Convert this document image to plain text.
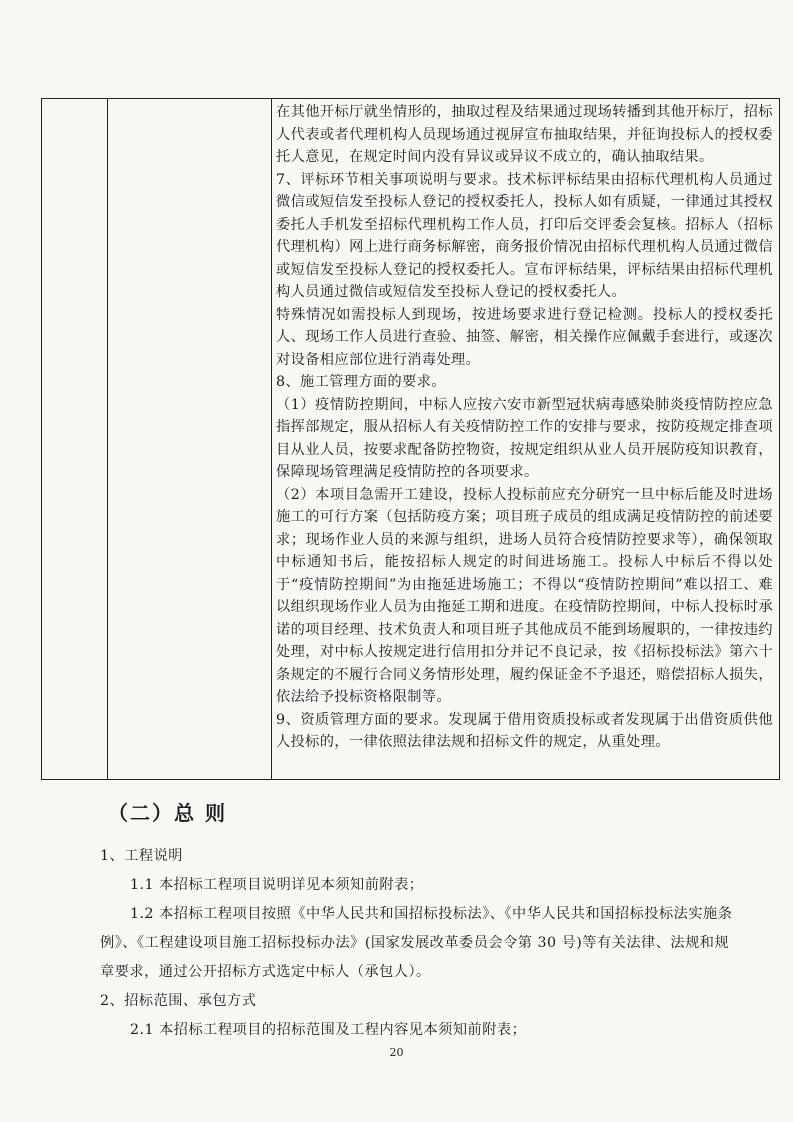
在其他开标厅就坐情形的，抽取过程及结果通过现场转播到其他开标厅，招标人代表或者代理机构人员现场通过视屏宣布抽取结果，并征询投标人的授权委托人意见，在规定时间内没有异议或异议不成立的，确认抽取结果。

7、评标环节相关事项说明与要求。技术标评标结果由招标代理机构人员通过微信或短信发至投标人登记的授权委托人，投标人如有质疑，一律通过其授权委托人手机发至招标代理机构工作人员，打印后交评委会复核。招标人（招标代理机构）网上进行商务标解密，商务报价情况由招标代理机构人员通过微信或短信发至投标人登记的授权委托人。宣布评标结果，评标结果由招标代理机构人员通过微信或短信发至投标人登记的授权委托人。

特殊情况如需投标人到现场，按进场要求进行登记检测。投标人的授权委托人、现场工作人员进行查验、抽签、解密，相关操作应佩戴手套进行，或逐次对设备相应部位进行消毒处理。

8、施工管理方面的要求。

（1）疫情防控期间，中标人应按六安市新型冠状病毒感染肺炎疫情防控应急指挥部规定，服从招标人有关疫情防控工作的安排与要求，按防疫规定排查项目从业人员，按要求配备防控物资，按规定组织从业人员开展防疫知识教育，保障现场管理满足疫情防控的各项要求。

（2）本项目急需开工建设，投标人投标前应充分研究一旦中标后能及时进场施工的可行方案（包括防疫方案；项目班子成员的组成满足疫情防控的前述要求；现场作业人员的来源与组织，进场人员符合疫情防控要求等），确保领取中标通知书后，能按招标人规定的时间进场施工。投标人中标后不得以处于“疫情防控期间”为由拖延进场施工；不得以“疫情防控期间”难以招工、难以组织现场作业人员为由拖延工期和进度。在疫情防控期间，中标人投标时承诺的项目经理、技术负责人和项目班子其他成员不能到场履职的，一律按违约处理，对中标人按规定进行信用扣分并记不良记录，按《招标投标法》第六十条规定的不履行合同义务情形处理，履约保证金不予退还，赔偿招标人损失，依法给予投标资格限制等。

9、资质管理方面的要求。发现属于借用资质投标或者发现属于出借资质供他人投标的，一律依照法律法规和招标文件的规定，从重处理。

（二）总 则

1、工程说明

1.1 本招标工程项目说明详见本须知前附表；

1.2 本招标工程项目按照《中华人民共和国招标投标法》、《中华人民共和国招标投标法实施条例》、《工程建设项目施工招标投标办法》(国家发展改革委员会令第 30 号)等有关法律、法规和规章要求，通过公开招标方式选定中标人（承包人）。

2、招标范围、承包方式

2.1 本招标工程项目的招标范围及工程内容见本须知前附表；

20
